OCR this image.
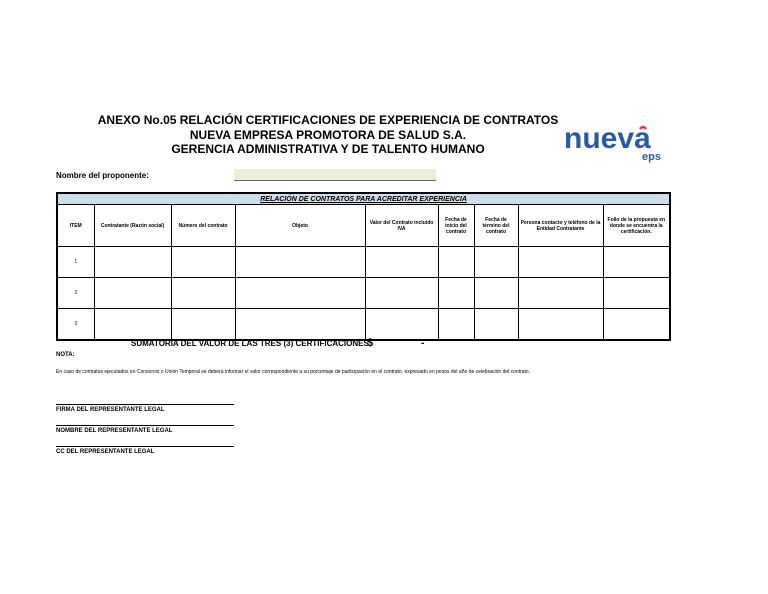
ANEXO No.05 RELACIÓN CERTIFICACIONES DE EXPERIENCIA DE CONTRATOS
NUEVA EMPRESA PROMOTORA DE SALUD S.A.
GERENCIA ADMINISTRATIVA Y DE TALENTO HUMANO	nueva
eps
Nombre del proponente:
RELACIÓN DE CONTRATOS PARA ACREDITAR EXPERIENCIA								
ITEM	Contratante (Razón social)	Número del contrato	Objeto	Valor del Contrato incluido IVA	Fecha de inicio del contrato	Fecha de término del contrato	Persona contacto y teléfono de la Entidad Contratante	Folio de la propuesta en donde se encuentra la certificación.
1								
2								
3								
SUMATORIA DEL VALOR DE LAS TRES (3) CERTIFICACIONES
$	-
NOTA:
En caso de contratos ejecutados en Consorcio o Unión Temporal se deberá informar el valor correspondiente a su porcentaje de participación en el contrato, expresado en pesos del año de celebración del contrato.
FIRMA DEL REPRESENTANTE LEGAL
NOMBRE DEL REPRESENTANTE LEGAL
CC DEL REPRESENTANTE LEGAL
